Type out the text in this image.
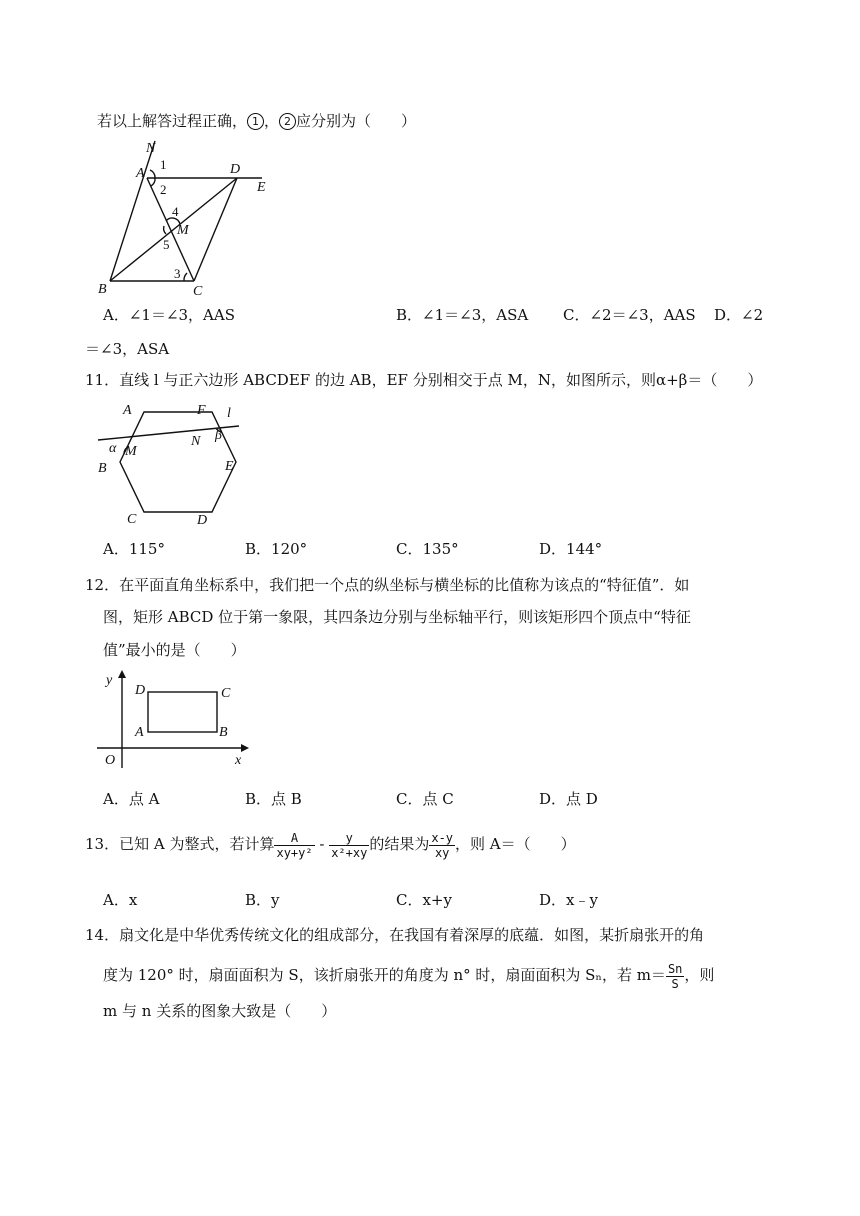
若以上解答过程正确， 1 ， 2 应分别为（　　）
N
A	D
E
M
B	C
1
2
3
4
5
A．∠1＝∠3，AAS	B．∠1＝∠3，ASA C．∠2＝∠3，AAS D．∠2
＝∠3，ASA
11．直线 l 与正六边形 ABCDEF 的边 AB，EF 分别相交于点 M，N，如图所示，则α+β＝（　　）
A	F l
α M
N β
B	E
C	D
A．115°	B．120°	C．135°	D．144°
12．在平面直角坐标系中，我们把一个点的纵坐标与横坐标的比值称为该点的“特征值”．如
图，矩形 ABCD 位于第一象限，其四条边分别与坐标轴平行，则该矩形四个顶点中“特征
值”最小的是（　　）
y
D	C
A	B
O	x
A．点 A	B．点 B	C．点 C	D．点 D
13．已知 A 为整式，若计算 $\frac{A}{\text{xy+y²}} - \frac{y}{\text{x²+xy}}$ 的结果为 $\frac{x-y}{xy}$ ，则 A＝（　　）
A．x	B．y	C．x+y	D．x﹣y
14．扇文化是中华优秀传统文化的组成部分，在我国有着深厚的底蕴．如图，某折扇张开的角
度为 120° 时，扇面面积为 S，该折扇张开的角度为 n° 时，扇面面积为 Sₙ，若 $m= \frac{Sn}{S}$ ，则
m 与 n 关系的图象大致是（　　）
